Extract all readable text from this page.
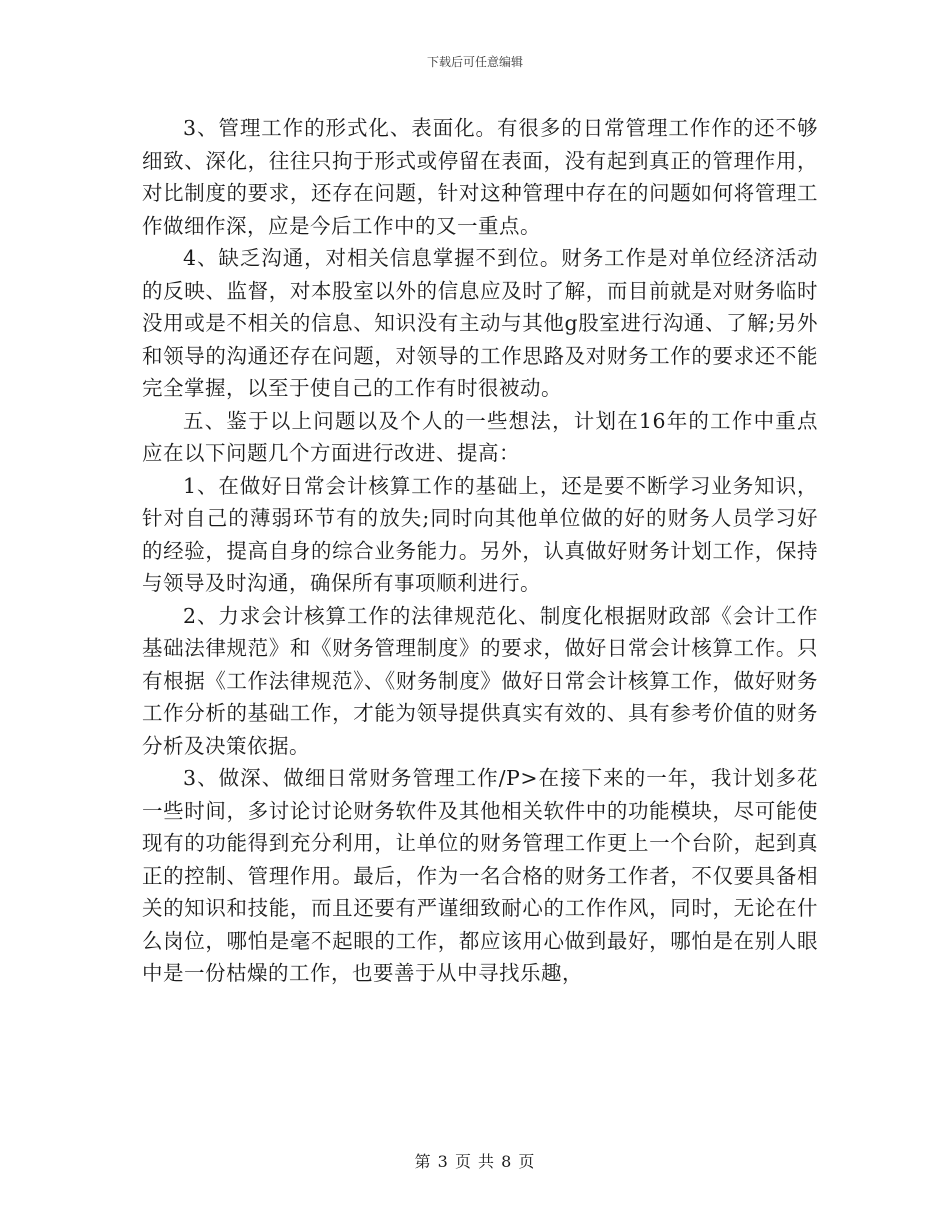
下载后可任意编辑

3、管理工作的形式化、表面化。有很多的日常管理工作作的还不够细致、深化，往往只拘于形式或停留在表面，没有起到真正的管理作用，对比制度的要求，还存在问题，针对这种管理中存在的问题如何将管理工作做细作深，应是今后工作中的又一重点。

4、缺乏沟通，对相关信息掌握不到位。财务工作是对单位经济活动的反映、监督，对本股室以外的信息应及时了解，而目前就是对财务临时没用或是不相关的信息、知识没有主动与其他g股室进行沟通、了解;另外和领导的沟通还存在问题，对领导的工作思路及对财务工作的要求还不能完全掌握，以至于使自己的工作有时很被动。

五、鉴于以上问题以及个人的一些想法，计划在16年的工作中重点应在以下问题几个方面进行改进、提高：

1、在做好日常会计核算工作的基础上，还是要不断学习业务知识，针对自己的薄弱环节有的放失;同时向其他单位做的好的财务人员学习好的经验，提高自身的综合业务能力。另外，认真做好财务计划工作，保持与领导及时沟通，确保所有事项顺利进行。

2、力求会计核算工作的法律规范化、制度化根据财政部《会计工作基础法律规范》和《财务管理制度》的要求，做好日常会计核算工作。只有根据《工作法律规范》、《财务制度》做好日常会计核算工作，做好财务工作分析的基础工作，才能为领导提供真实有效的、具有参考价值的财务分析及决策依据。

3、做深、做细日常财务管理工作/P>在接下来的一年，我计划多花一些时间，多讨论讨论财务软件及其他相关软件中的功能模块，尽可能使现有的功能得到充分利用，让单位的财务管理工作更上一个台阶，起到真正的控制、管理作用。最后，作为一名合格的财务工作者，不仅要具备相关的知识和技能，而且还要有严谨细致耐心的工作作风，同时，无论在什么岗位，哪怕是毫不起眼的工作，都应该用心做到最好，哪怕是在别人眼中是一份枯燥的工作，也要善于从中寻找乐趣，

第 3 页 共 8 页
